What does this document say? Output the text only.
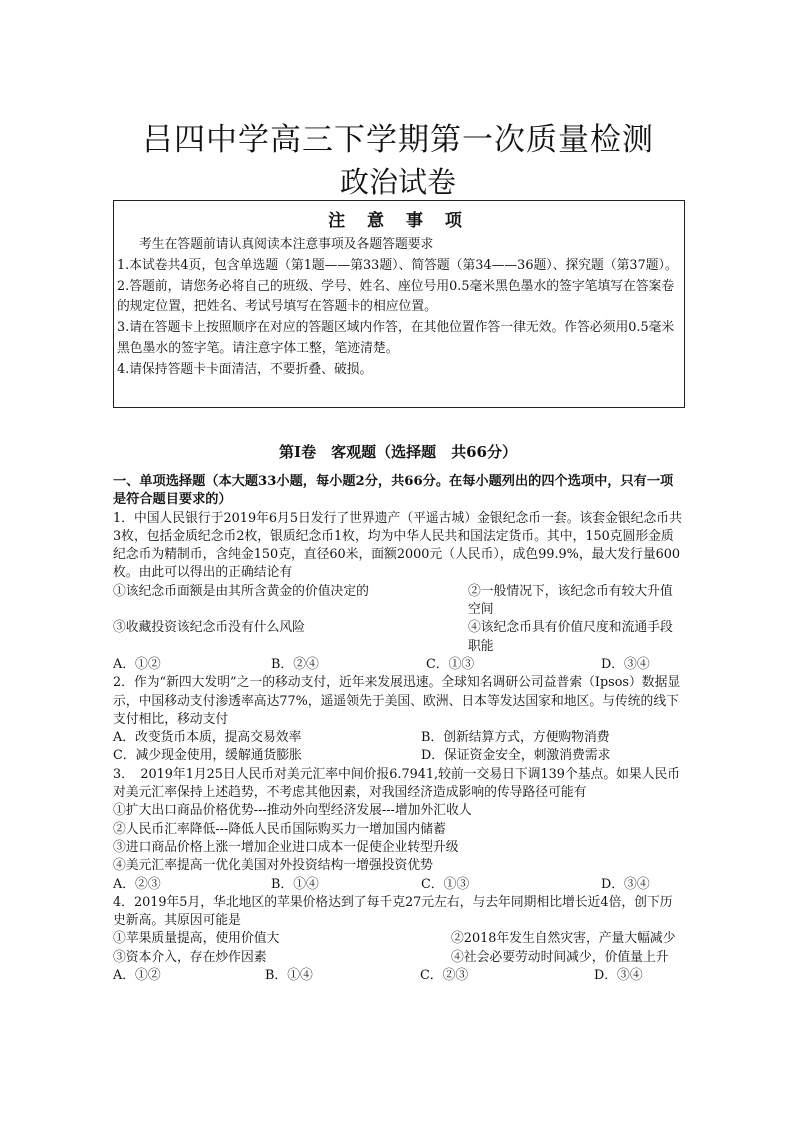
吕四中学高三下学期第一次质量检测
政治试卷
注 意 事 项

考生在答题前请认真阅读本注意事项及各题答题要求

1.本试卷共4页，包含单选题（第1题——第33题）、简答题（第34——36题）、探究题（第37题）。

2.答题前，请您务必将自己的班级、学号、姓名、座位号用0.5毫米黑色墨水的签字笔填写在答案卷的规定位置，把姓名、考试号填写在答题卡的相应位置。

3.请在答题卡上按照顺序在对应的答题区域内作答，在其他位置作答一律无效。作答必须用0.5毫米黑色墨水的签字笔。请注意字体工整，笔迹清楚。

4.请保持答题卡卡面清洁，不要折叠、破损。

第Ⅰ卷　客观题（选择题　共66分）

一、单项选择题（本大题33小题，每小题2分，共66分。在每小题列出的四个选项中，只有一项是符合题目要求的）

1．中国人民银行于2019年6月5日发行了世界遗产（平遥古城）金银纪念币一套。该套金银纪念币共3枚，包括金质纪念币2枚，银质纪念币1枚，均为中华人民共和国法定货币。其中，150克圆形金质纪念币为精制币，含纯金150克，直径60米，面额2000元（人民币），成色99.9%，最大发行量600枚。由此可以得出的正确结论有

①该纪念币面额是由其所含黄金的价值决定的	②一般情况下，该纪念币有较大升值空间
③收藏投资该纪念币没有什么风险	④该纪念币具有价值尺度和流通手段职能
A．①②	B．②④	C．①③	D．③④

2．作为“新四大发明”之一的移动支付，近年来发展迅速。全球知名调研公司益普索（Ipsos）数据显示，中国移动支付渗透率高达77%，遥遥领先于美国、欧洲、日本等发达国家和地区。与传统的线下支付相比，移动支付

A．改变货币本质，提高交易效率	B．创新结算方式，方便购物消费
C．减少现金使用，缓解通货膨胀	D．保证资金安全，刺激消费需求

3．　2019年1月25日人民币对美元汇率中间价报6.7941,较前一交易日下调139个基点。如果人民币对美元汇率保持上述趋势，不考虑其他因素，对我国经济造成影响的传导路径可能有

①扩大出口商品价格优势---推动外向型经济发展---增加外汇收人

②人民币汇率降低---降低人民币国际购买力一增加国内储蓄

③进口商品价格上涨一增加企业进口成本一促使企业转型升级

④美元汇率提高一优化美国对外投资结构一增强投资优势

A．②③	B．①④	C．①③	D．③④

4．2019年5月，华北地区的苹果价格达到了每千克27元左右，与去年同期相比增长近4倍，创下历史新高。其原因可能是

①苹果质量提高，使用价值大	②2018年发生自然灾害，产量大幅减少
③资本介入，存在炒作因素	④社会必要劳动时间减少，价值量上升
A．①②	B．①④	C．②③	D．③④
